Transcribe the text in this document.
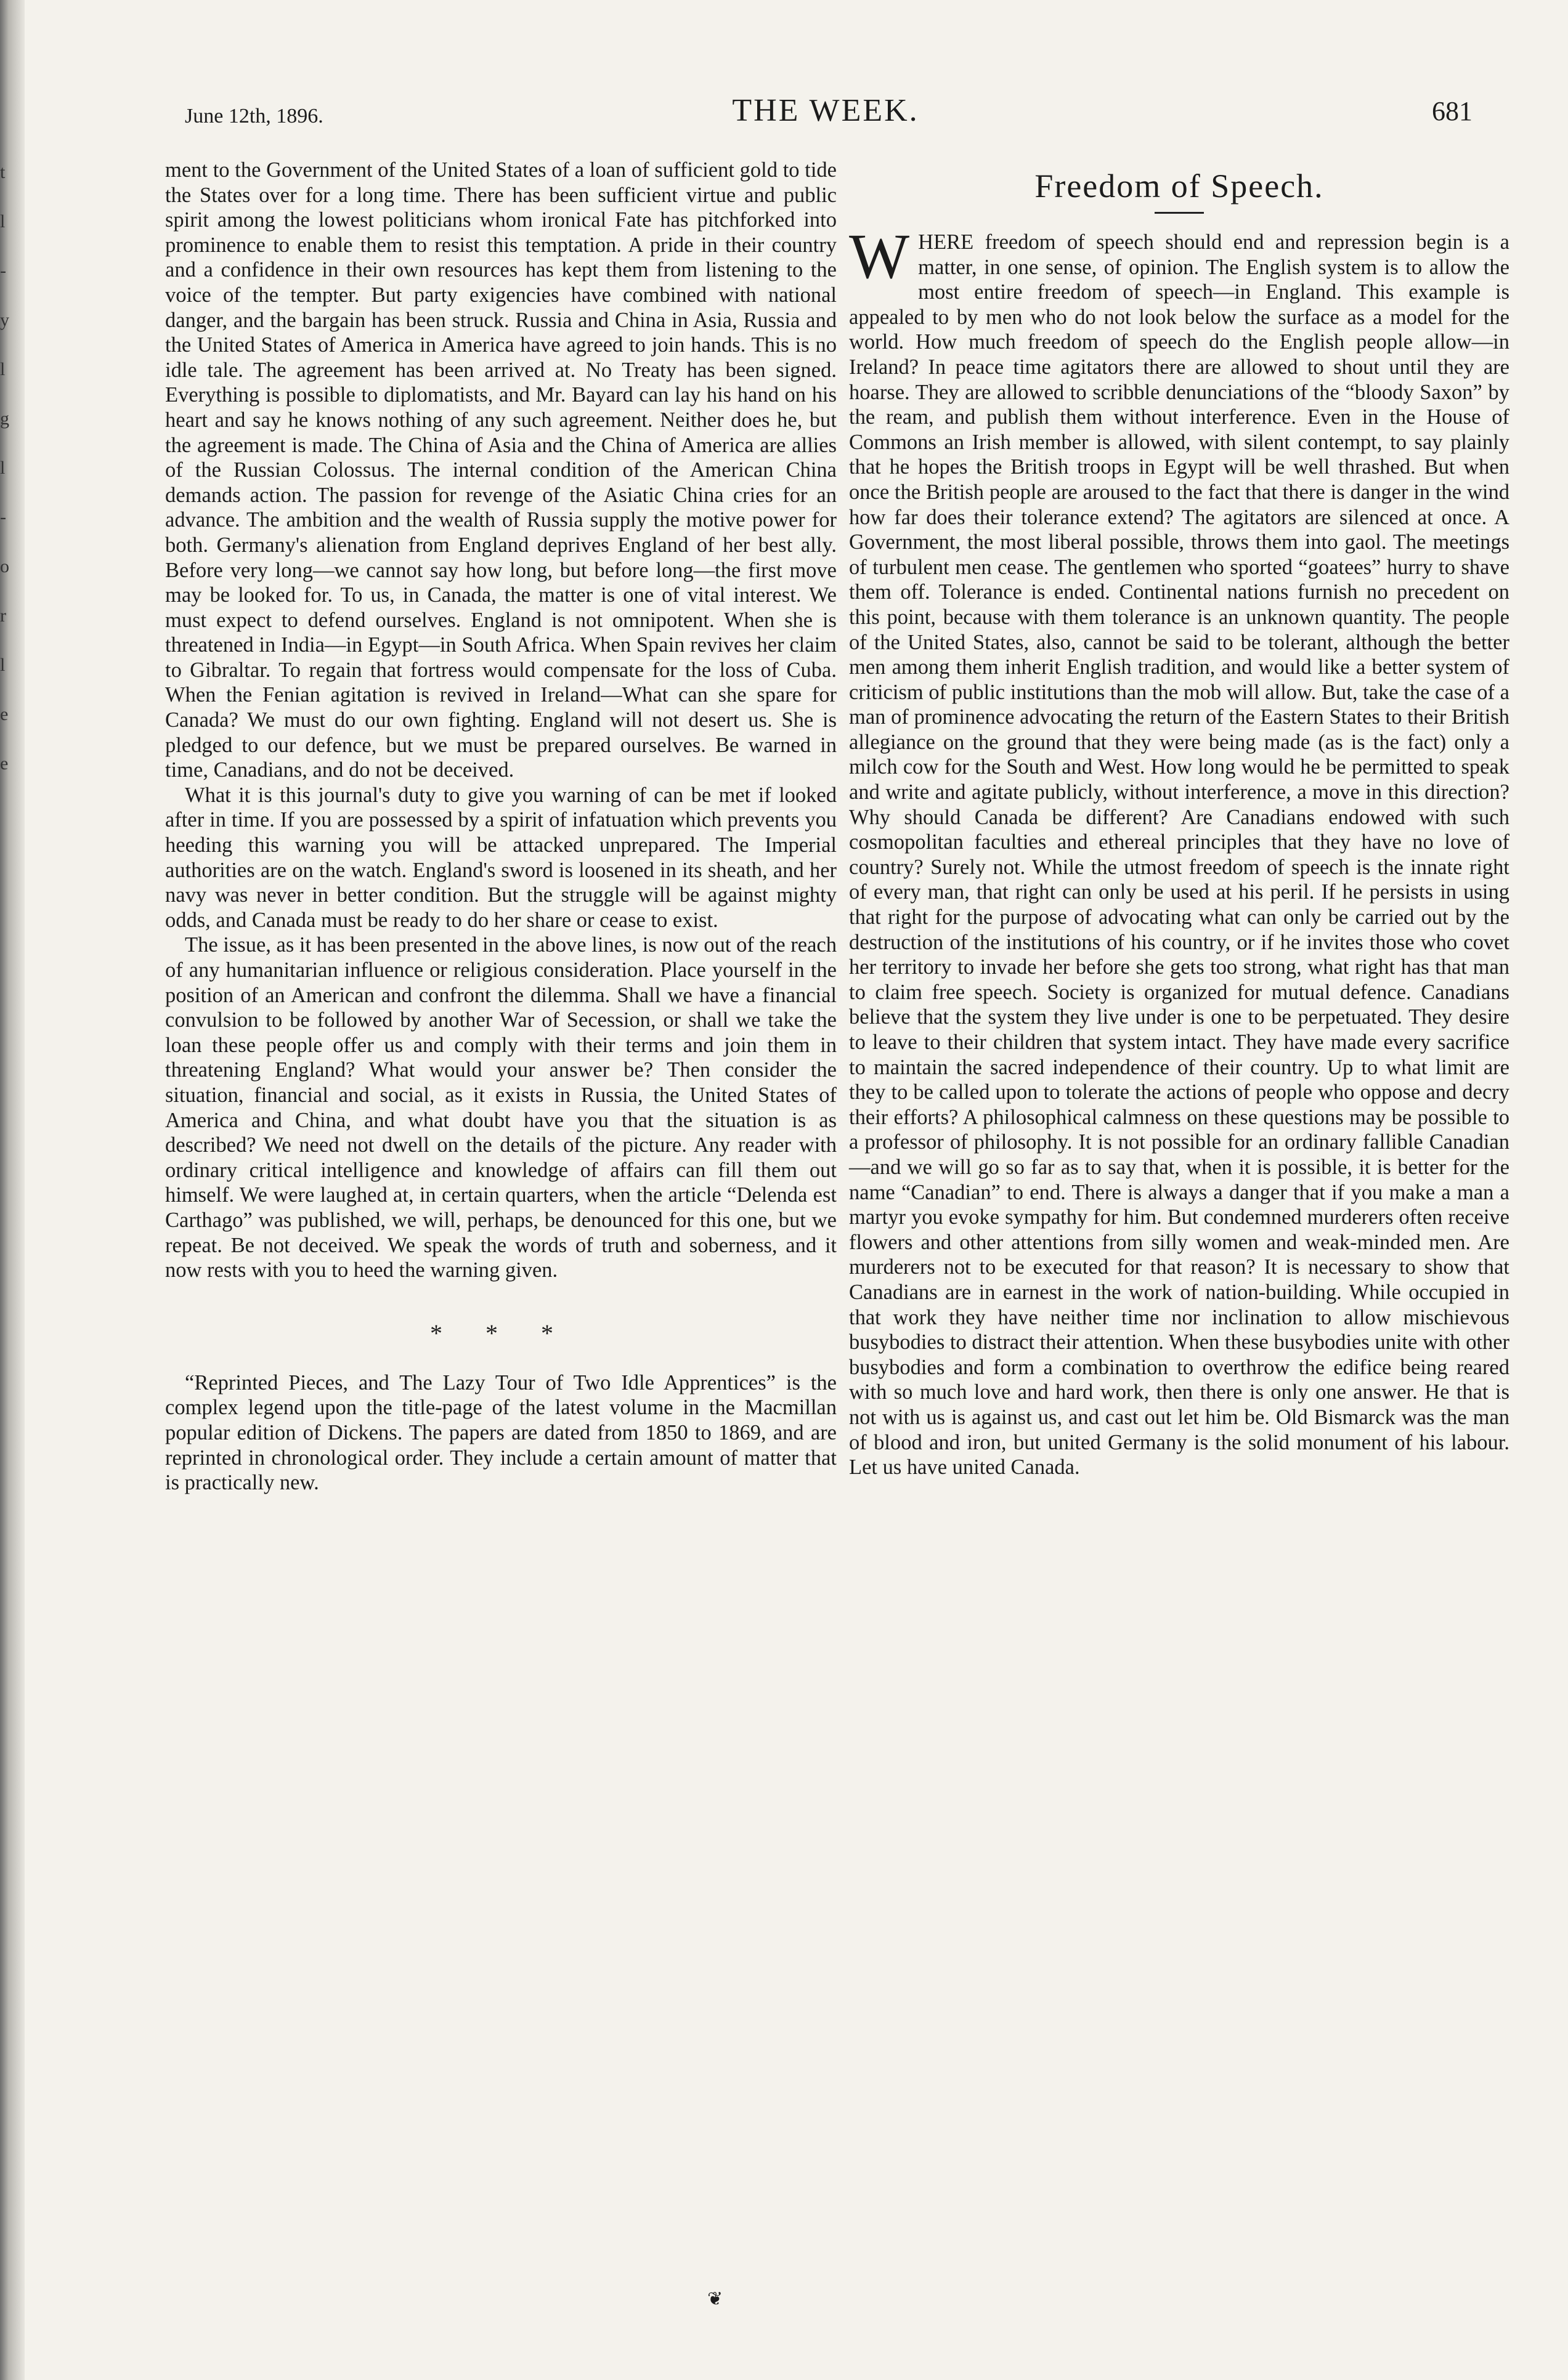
t
l
-
y
l
g
l
-
o
r
l
e
e
June 12th, 1896.	THE WEEK.	681

ment to the Government of the United States of a loan of sufficient gold to tide the States over for a long time. There has been sufficient virtue and public spirit among the lowest politicians whom ironical Fate has pitchforked into prominence to enable them to resist this temptation. A pride in their country and a confidence in their own resources has kept them from listening to the voice of the tempter. But party exigencies have combined with national danger, and the bargain has been struck. Russia and China in Asia, Russia and the United States of America in America have agreed to join hands. This is no idle tale. The agreement has been arrived at. No Treaty has been signed. Everything is possible to diplomatists, and Mr. Bayard can lay his hand on his heart and say he knows nothing of any such agreement. Neither does he, but the agreement is made. The China of Asia and the China of America are allies of the Russian Colossus. The internal condition of the American China demands action. The passion for revenge of the Asiatic China cries for an advance. The ambition and the wealth of Russia supply the motive power for both. Germany's alienation from England deprives England of her best ally. Before very long—we cannot say how long, but before long—the first move may be looked for. To us, in Canada, the matter is one of vital interest. We must expect to defend ourselves. England is not omnipotent. When she is threatened in India—in Egypt—in South Africa. When Spain revives her claim to Gibraltar. To regain that fortress would compensate for the loss of Cuba. When the Fenian agitation is revived in Ireland—What can she spare for Canada? We must do our own fighting. England will not desert us. She is pledged to our defence, but we must be prepared ourselves. Be warned in time, Canadians, and do not be deceived.

What it is this journal's duty to give you warning of can be met if looked after in time. If you are possessed by a spirit of infatuation which prevents you heeding this warning you will be attacked unprepared. The Imperial authorities are on the watch. England's sword is loosened in its sheath, and her navy was never in better condition. But the struggle will be against mighty odds, and Canada must be ready to do her share or cease to exist.

The issue, as it has been presented in the above lines, is now out of the reach of any humanitarian influence or religious consideration. Place yourself in the position of an American and confront the dilemma. Shall we have a financial convulsion to be followed by another War of Secession, or shall we take the loan these people offer us and comply with their terms and join them in threatening England? What would your answer be? Then consider the situation, financial and social, as it exists in Russia, the United States of America and China, and what doubt have you that the situation is as described? We need not dwell on the details of the picture. Any reader with ordinary critical intelligence and knowledge of affairs can fill them out himself. We were laughed at, in certain quarters, when the article “Delenda est Carthago” was published, we will, perhaps, be denounced for this one, but we repeat. Be not deceived. We speak the words of truth and soberness, and it now rests with you to heed the warning given.

* * *

“Reprinted Pieces, and The Lazy Tour of Two Idle Apprentices” is the complex legend upon the title-page of the latest volume in the Macmillan popular edition of Dickens. The papers are dated from 1850 to 1869, and are reprinted in chronological order. They include a certain amount of matter that is practically new.

Freedom of Speech.

WHERE freedom of speech should end and repression begin is a matter, in one sense, of opinion. The English system is to allow the most entire freedom of speech—in England. This example is appealed to by men who do not look below the surface as a model for the world. How much freedom of speech do the English people allow—in Ireland? In peace time agitators there are allowed to shout until they are hoarse. They are allowed to scribble denunciations of the “bloody Saxon” by the ream, and publish them without interference. Even in the House of Commons an Irish member is allowed, with silent contempt, to say plainly that he hopes the British troops in Egypt will be well thrashed. But when once the British people are aroused to the fact that there is danger in the wind how far does their tolerance extend? The agitators are silenced at once. A Government, the most liberal possible, throws them into gaol. The meetings of turbulent men cease. The gentlemen who sported “goatees” hurry to shave them off. Tolerance is ended. Continental nations furnish no precedent on this point, because with them tolerance is an unknown quantity. The people of the United States, also, cannot be said to be tolerant, although the better men among them inherit English tradition, and would like a better system of criticism of public institutions than the mob will allow. But, take the case of a man of prominence advocating the return of the Eastern States to their British allegiance on the ground that they were being made (as is the fact) only a milch cow for the South and West. How long would he be permitted to speak and write and agitate publicly, without interference, a move in this direction? Why should Canada be different? Are Canadians endowed with such cosmopolitan faculties and ethereal principles that they have no love of country? Surely not. While the utmost freedom of speech is the innate right of every man, that right can only be used at his peril. If he persists in using that right for the purpose of advocating what can only be carried out by the destruction of the institutions of his country, or if he invites those who covet her territory to invade her before she gets too strong, what right has that man to claim free speech. Society is organized for mutual defence. Canadians believe that the system they live under is one to be perpetuated. They desire to leave to their children that system intact. They have made every sacrifice to maintain the sacred independence of their country. Up to what limit are they to be called upon to tolerate the actions of people who oppose and decry their efforts? A philosophical calmness on these questions may be possible to a professor of philosophy. It is not possible for an ordinary fallible Canadian—and we will go so far as to say that, when it is possible, it is better for the name “Canadian” to end. There is always a danger that if you make a man a martyr you evoke sympathy for him. But condemned murderers often receive flowers and other attentions from silly women and weak-minded men. Are murderers not to be executed for that reason? It is necessary to show that Canadians are in earnest in the work of nation-building. While occupied in that work they have neither time nor inclination to allow mischievous busybodies to distract their attention. When these busybodies unite with other busybodies and form a combination to overthrow the edifice being reared with so much love and hard work, then there is only one answer. He that is not with us is against us, and cast out let him be. Old Bismarck was the man of blood and iron, but united Germany is the solid monument of his labour. Let us have united Canada.

❦
